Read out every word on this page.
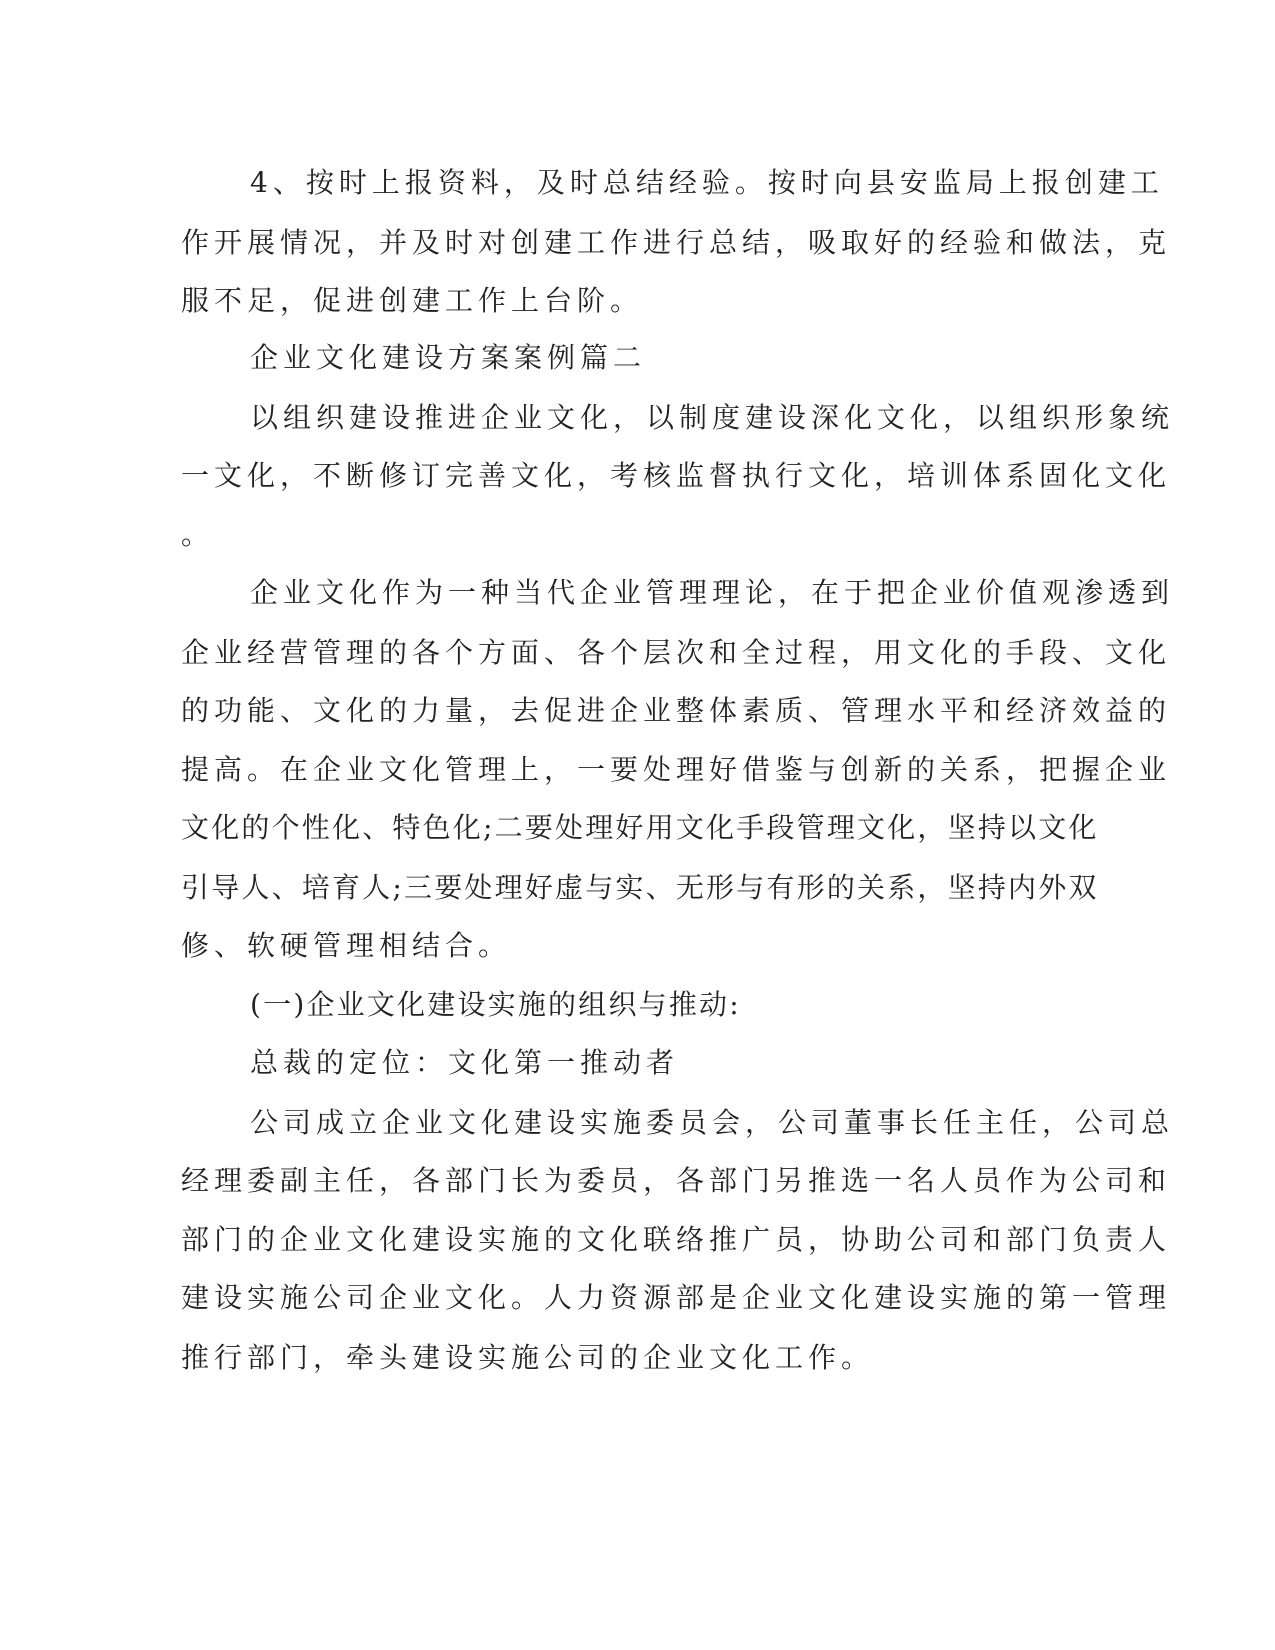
4、按时上报资料，及时总结经验。按时向县安监局上报创建工

作开展情况，并及时对创建工作进行总结，吸取好的经验和做法，克

服不足，促进创建工作上台阶。

企业文化建设方案案例篇二

以组织建设推进企业文化，以制度建设深化文化，以组织形象统

一文化，不断修订完善文化，考核监督执行文化，培训体系固化文化

。

企业文化作为一种当代企业管理理论，在于把企业价值观渗透到

企业经营管理的各个方面、各个层次和全过程，用文化的手段、文化

的功能、文化的力量，去促进企业整体素质、管理水平和经济效益的

提高。在企业文化管理上，一要处理好借鉴与创新的关系，把握企业

文化的个性化、特色化;二要处理好用文化手段管理文化，坚持以文化

引导人、培育人;三要处理好虚与实、无形与有形的关系，坚持内外双

修、软硬管理相结合。

(一)企业文化建设实施的组织与推动:

总裁的定位：文化第一推动者

公司成立企业文化建设实施委员会，公司董事长任主任，公司总

经理委副主任，各部门长为委员，各部门另推选一名人员作为公司和

部门的企业文化建设实施的文化联络推广员，协助公司和部门负责人

建设实施公司企业文化。人力资源部是企业文化建设实施的第一管理

推行部门，牵头建设实施公司的企业文化工作。
